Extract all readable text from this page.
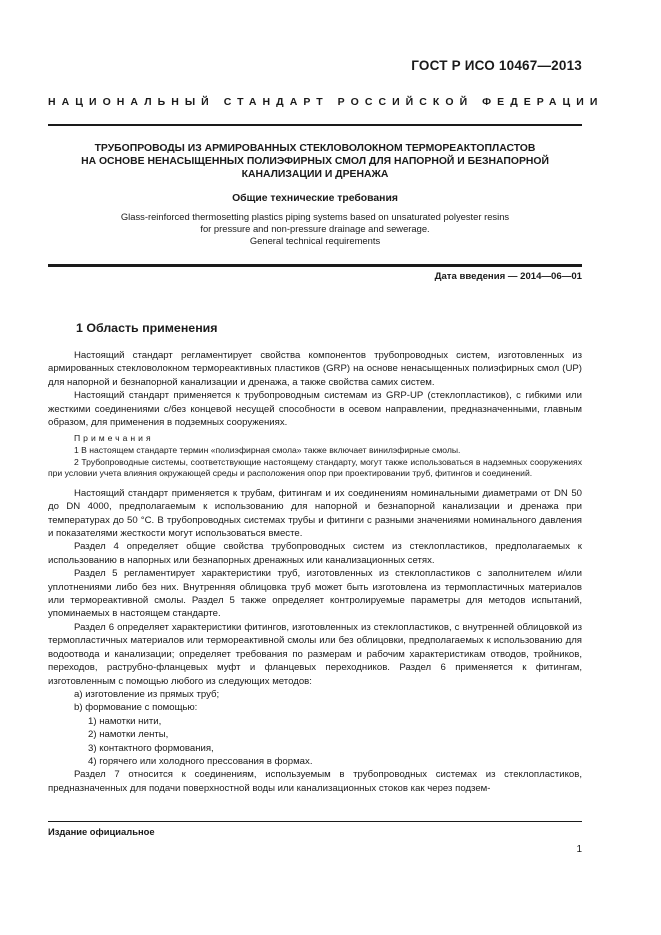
ГОСТ Р ИСО 10467—2013
НАЦИОНАЛЬНЫЙ СТАНДАРТ РОССИЙСКОЙ ФЕДЕРАЦИИ
ТРУБОПРОВОДЫ ИЗ АРМИРОВАННЫХ СТЕКЛОВОЛОКНОМ ТЕРМОРЕАКТОПЛАСТОВ
НА ОСНОВЕ НЕНАСЫЩЕННЫХ ПОЛИЭФИРНЫХ СМОЛ ДЛЯ НАПОРНОЙ И БЕЗНАПОРНОЙ
КАНАЛИЗАЦИИ И ДРЕНАЖА
Общие технические требования
Glass-reinforced thermosetting plastics piping systems based on unsaturated polyester resins
for pressure and non-pressure drainage and sewerage.
General technical requirements
Дата введения — 2014—06—01
1 Область применения

Настоящий стандарт регламентирует свойства компонентов трубопроводных систем, изготовленных из армированных стекловолокном термореактивных пластиков (GRP) на основе ненасыщенных полиэфирных смол (UP) для напорной и безнапорной канализации и дренажа, а также свойства самих систем.

Настоящий стандарт применяется к трубопроводным системам из GRP-UP (стеклопластиков), с гибкими или жесткими соединениями с/без концевой несущей способности в осевом направлении, предназначенными, главным образом, для применения в подземных сооружениях.

Примечания
1 В настоящем стандарте термин «полиэфирная смола» также включает винилэфирные смолы.
2 Трубопроводные системы, соответствующие настоящему стандарту, могут также использоваться в надземных сооружениях при условии учета влияния окружающей среды и расположения опор при проектировании труб, фитингов и соединений.

Настоящий стандарт применяется к трубам, фитингам и их соединениям номинальными диаметрами от DN 50 до DN 4000, предполагаемым к использованию для напорной и безнапорной канализации и дренажа при температурах до 50 °С. В трубопроводных системах трубы и фитинги с разными значениями номинального давления и показателями жесткости могут использоваться вместе.

Раздел 4 определяет общие свойства трубопроводных систем из стеклопластиков, предполагаемых к использованию в напорных или безнапорных дренажных или канализационных сетях.

Раздел 5 регламентирует характеристики труб, изготовленных из стеклопластиков с заполнителем и/или уплотнениями либо без них. Внутренняя облицовка труб может быть изготовлена из термопластичных материалов или термореактивной смолы. Раздел 5 также определяет контролируемые параметры для методов испытаний, упоминаемых в настоящем стандарте.

Раздел 6 определяет характеристики фитингов, изготовленных из стеклопластиков, с внутренней облицовкой из термопластичных материалов или термореактивной смолы или без облицовки, предполагаемых к использованию для водоотвода и канализации; определяет требования по размерам и рабочим характеристикам отводов, тройников, переходов, раструбно-фланцевых муфт и фланцевых переходников. Раздел 6 применяется к фитингам, изготовленным с помощью любого из следующих методов:

а) изготовление из прямых труб;
b) формование с помощью:
1) намотки нити,
2) намотки ленты,
3) контактного формования,
4) горячего или холодного прессования в формах.

Раздел 7 относится к соединениям, используемым в трубопроводных системах из стеклопластиков, предназначенных для подачи поверхностной воды или канализационных стоков как через подзем-

Издание официальное
1
